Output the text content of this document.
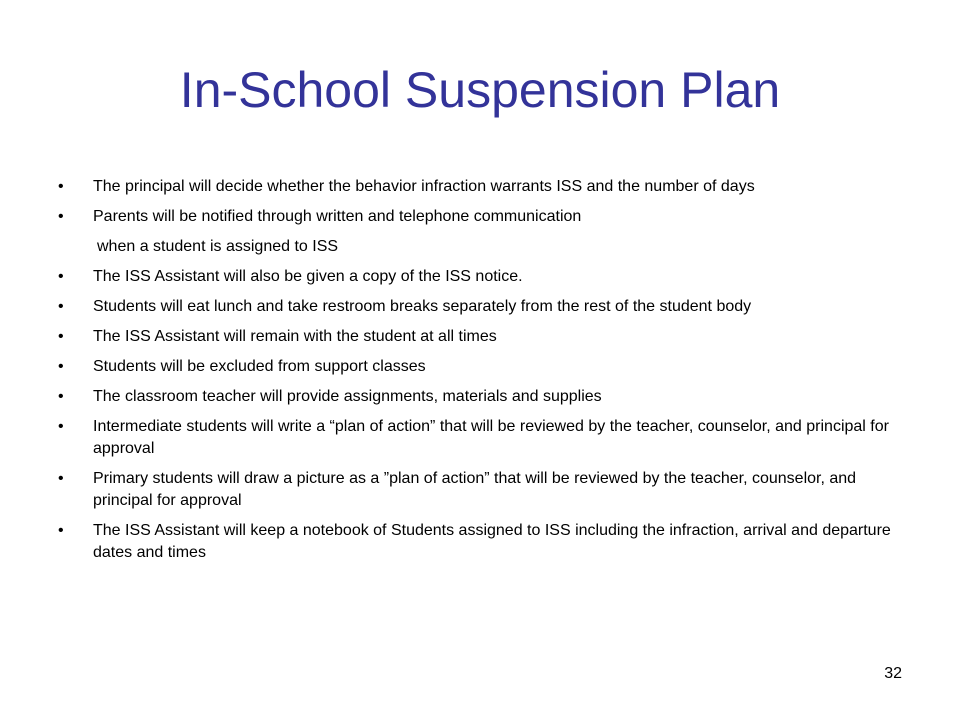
In-School Suspension Plan
• The principal will decide whether the behavior infraction warrants ISS and the number of days
• Parents will be notified through written and telephone communication
when a student is assigned to ISS
• The ISS Assistant will also be given a copy of the ISS notice.
• Students will eat lunch and take restroom breaks separately from the rest of the student body
• The ISS Assistant will remain with the student at all times
• Students will be excluded from support classes
• The classroom teacher will provide assignments, materials and supplies
• Intermediate students will write a “plan of action” that will be reviewed by the teacher, counselor, and principal for approval
• Primary students will draw a picture as a ”plan of action” that will be reviewed by the teacher, counselor, and principal for approval
• The ISS Assistant will keep a notebook of Students assigned to ISS including the infraction, arrival and departure dates and times
32
